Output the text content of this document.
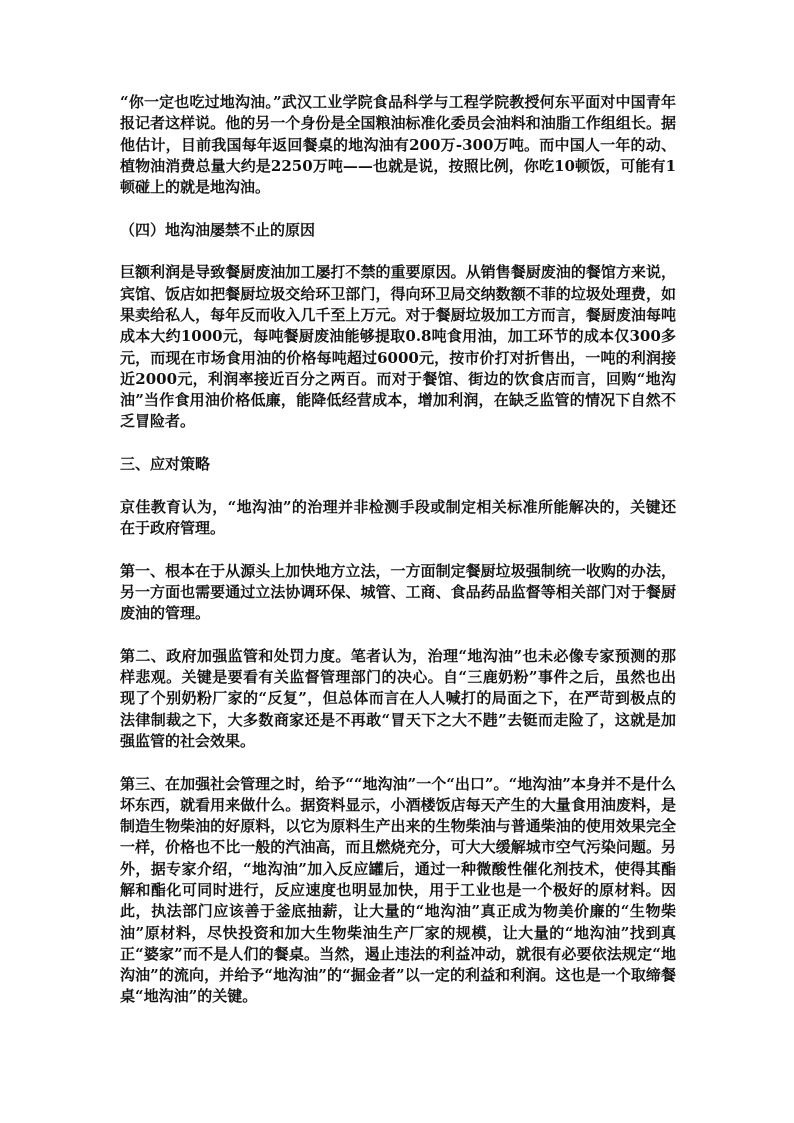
“你一定也吃过地沟油。”武汉工业学院食品科学与工程学院教授何东平面对中国青年报记者这样说。他的另一个身份是全国粮油标准化委员会油料和油脂工作组组长。据他估计，目前我国每年返回餐桌的地沟油有200万-300万吨。而中国人一年的动、植物油消费总量大约是2250万吨——也就是说，按照比例，你吃10顿饭，可能有1顿碰上的就是地沟油。

（四）地沟油屡禁不止的原因

巨额利润是导致餐厨废油加工屡打不禁的重要原因。从销售餐厨废油的餐馆方来说，宾馆、饭店如把餐厨垃圾交给环卫部门，得向环卫局交纳数额不菲的垃圾处理费，如果卖给私人，每年反而收入几千至上万元。对于餐厨垃圾加工方而言，餐厨废油每吨成本大约1000元，每吨餐厨废油能够提取0.8吨食用油，加工环节的成本仅300多元，而现在市场食用油的价格每吨超过6000元，按市价打对折售出，一吨的利润接近2000元，利润率接近百分之两百。而对于餐馆、街边的饮食店而言，回购“地沟油”当作食用油价格低廉，能降低经营成本，增加利润，在缺乏监管的情况下自然不乏冒险者。

三、应对策略

京佳教育认为，“地沟油”的治理并非检测手段或制定相关标准所能解决的，关键还在于政府管理。

第一、根本在于从源头上加快地方立法，一方面制定餐厨垃圾强制统一收购的办法，另一方面也需要通过立法协调环保、城管、工商、食品药品监督等相关部门对于餐厨废油的管理。

第二、政府加强监管和处罚力度。笔者认为，治理“地沟油”也未必像专家预测的那样悲观。关键是要看有关监督管理部门的决心。自“三鹿奶粉”事件之后，虽然也出现了个别奶粉厂家的“反复”，但总体而言在人人喊打的局面之下，在严苛到极点的法律制裁之下，大多数商家还是不再敢“冒天下之大不韪”去铤而走险了，这就是加强监管的社会效果。

第三、在加强社会管理之时，给予““地沟油”一个“出口”。“地沟油”本身并不是什么坏东西，就看用来做什么。据资料显示，小酒楼饭店每天产生的大量食用油废料，是制造生物柴油的好原料，以它为原料生产出来的生物柴油与普通柴油的使用效果完全一样，价格也不比一般的汽油高，而且燃烧充分，可大大缓解城市空气污染问题。另外，据专家介绍，“地沟油”加入反应罐后，通过一种微酸性催化剂技术，使得其酯解和酯化可同时进行，反应速度也明显加快，用于工业也是一个极好的原材料。因此，执法部门应该善于釜底抽薪，让大量的“地沟油”真正成为物美价廉的“生物柴油”原材料，尽快投资和加大生物柴油生产厂家的规模，让大量的“地沟油”找到真正“婆家”而不是人们的餐桌。当然，遏止违法的利益冲动，就很有必要依法规定“地沟油”的流向，并给予“地沟油”的“掘金者”以一定的利益和利润。这也是一个取缔餐桌“地沟油”的关键。
